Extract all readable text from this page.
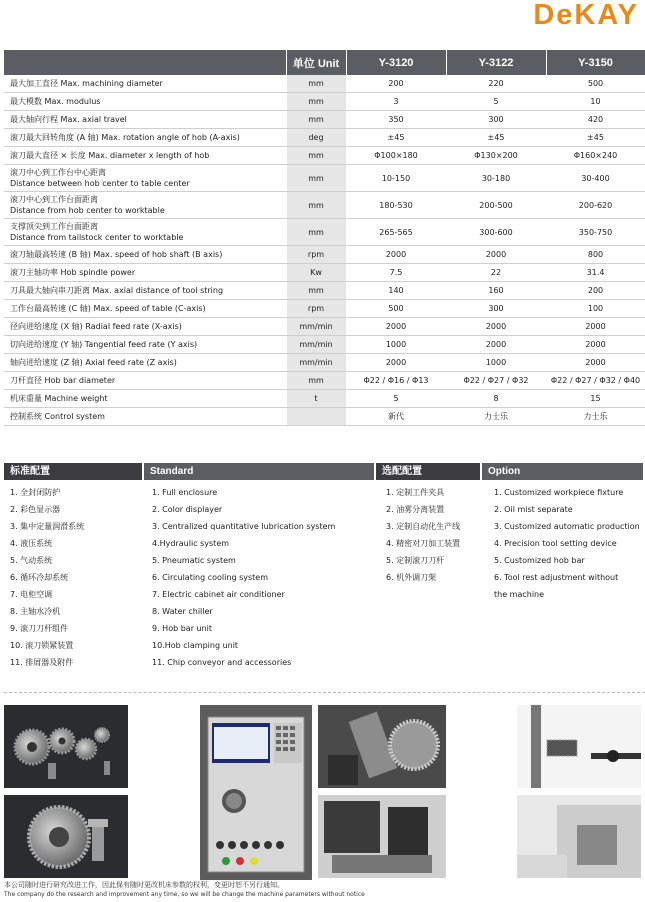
DeKAY
	单位 Unit	Y-3120	Y-3122	Y-3150
最大加工直径 Max. machining diameter	mm	200	220	500
最大模数 Max. modulus	mm	3	5	10
最大轴向行程 Max. axial travel	mm	350	300	420
滚刀最大回转角度 (A 轴) Max. rotation angle of hob (A-axis)	deg	±45	±45	±45
滚刀最大直径 × 长度 Max. diameter x length of hob	mm	Φ100×180	Φ130×200	Φ160×240
滚刀中心到工作台中心距离
Distance between hob center to table center	mm	10-150	30-180	30-400
滚刀中心到工作台面距离
Distance from hob center to worktable	mm	180-530	200-500	200-620
支撑顶尖到工作台面距离
Distance from tailstock center to worktable	mm	265-565	300-600	350-750
滚刀轴最高转速 (B 轴) Max. speed of hob shaft (B axis)	rpm	2000	2000	800
滚刀主轴功率 Hob spindle power	Kw	7.5	22	31.4
刀具最大轴向串刀距离 Max. axial distance of tool string	mm	140	160	200
工作台最高转速 (C 轴) Max. speed of table (C-axis)	rpm	500	300	100
径向进给速度 (X 轴) Radial feed rate (X-axis)	mm/min	2000	2000	2000
切向进给速度 (Y 轴) Tangential feed rate (Y axis)	mm/min	1000	2000	2000
轴向进给速度 (Z 轴) Axial feed rate (Z axis)	mm/min	2000	1000	2000
刀杆直径 Hob bar diameter	mm	Φ22 / Φ16 / Φ13	Φ22 / Φ27 / Φ32	Φ22 / Φ27 / Φ32 / Φ40
机床重量 Machine weight	t	5	8	15
控制系统 Control system		新代	力士乐	力士乐
标准配置	Standard	选配配置	Option
1. 全封闭防护
2. 彩色显示器
3. 集中定量润滑系统
4. 液压系统
5. 气动系统
6. 循环冷却系统
7. 电柜空调
8. 主轴水冷机
9. 滚刀刀杆组件
10. 滚刀锁紧装置
11. 排屑器及附件
1. Full enclosure
2. Color displayer
3. Centralized quantitative lubrication system
4.Hydraulic system
5. Pneumatic system
6. Circulating cooling system
7. Electric cabinet air conditioner
8. Water chiller
9. Hob bar unit
10.Hob clamping unit
11. Chip conveyor and accessories
1. 定制工件夹具
2. 油雾分离装置
3. 定制自动化生产线
4. 精密对刀加工装置
5. 定制滚刀刀杆
6. 机外调刀架
1. Customized workpiece fixture
2. Oil mist separate
3. Customized automatic production
4. Precision tool setting device
5. Customized hob bar
6. Tool rest adjustment without
the machine
本公司随时进行研究改进工作，因此保有随时更改机床参数的权利，变更时恕不另行通知。
The company do the research and improvement any time, so we will be change the machine parameters without notice
